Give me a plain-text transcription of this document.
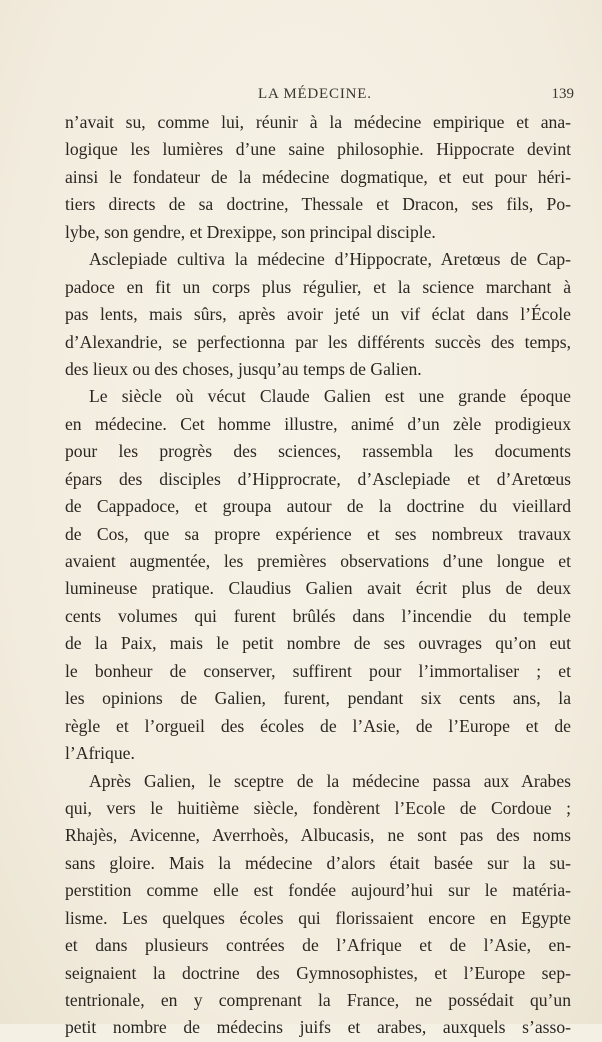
LA MÉDECINE.	139
n’avait su, comme lui, réunir à la médecine empirique et ana-
logique les lumières d’une saine philosophie. Hippocrate devint
ainsi le fondateur de la médecine dogmatique, et eut pour héri-
tiers directs de sa doctrine, Thessale et Dracon, ses fils, Po-
lybe, son gendre, et Drexippe, son principal disciple.
Asclepiade cultiva la médecine d’Hippocrate, Aretœus de Cap-
padoce en fit un corps plus régulier, et la science marchant à
pas lents, mais sûrs, après avoir jeté un vif éclat dans l’École
d’Alexandrie, se perfectionna par les différents succès des temps,
des lieux ou des choses, jusqu’au temps de Galien.
Le siècle où vécut Claude Galien est une grande époque
en médecine. Cet homme illustre, animé d’un zèle prodigieux
pour les progrès des sciences, rassembla les documents
épars des disciples d’Hipprocrate, d’Asclepiade et d’Aretœus
de Cappadoce, et groupa autour de la doctrine du vieillard
de Cos, que sa propre expérience et ses nombreux travaux
avaient augmentée, les premières observations d’une longue et
lumineuse pratique. Claudius Galien avait écrit plus de deux
cents volumes qui furent brûlés dans l’incendie du temple
de la Paix, mais le petit nombre de ses ouvrages qu’on eut
le bonheur de conserver, suffirent pour l’immortaliser ; et
les opinions de Galien, furent, pendant six cents ans, la
règle et l’orgueil des écoles de l’Asie, de l’Europe et de
l’Afrique.
Après Galien, le sceptre de la médecine passa aux Arabes
qui, vers le huitième siècle, fondèrent l’Ecole de Cordoue ;
Rhajès, Avicenne, Averrhoès, Albucasis, ne sont pas des noms
sans gloire. Mais la médecine d’alors était basée sur la su-
perstition comme elle est fondée aujourd’hui sur le matéria-
lisme. Les quelques écoles qui florissaient encore en Egypte
et dans plusieurs contrées de l’Afrique et de l’Asie, en-
seignaient la doctrine des Gymnosophistes, et l’Europe sep-
tentrionale, en y comprenant la France, ne possédait qu’un
petit nombre de médecins juifs et arabes, auxquels s’asso-
